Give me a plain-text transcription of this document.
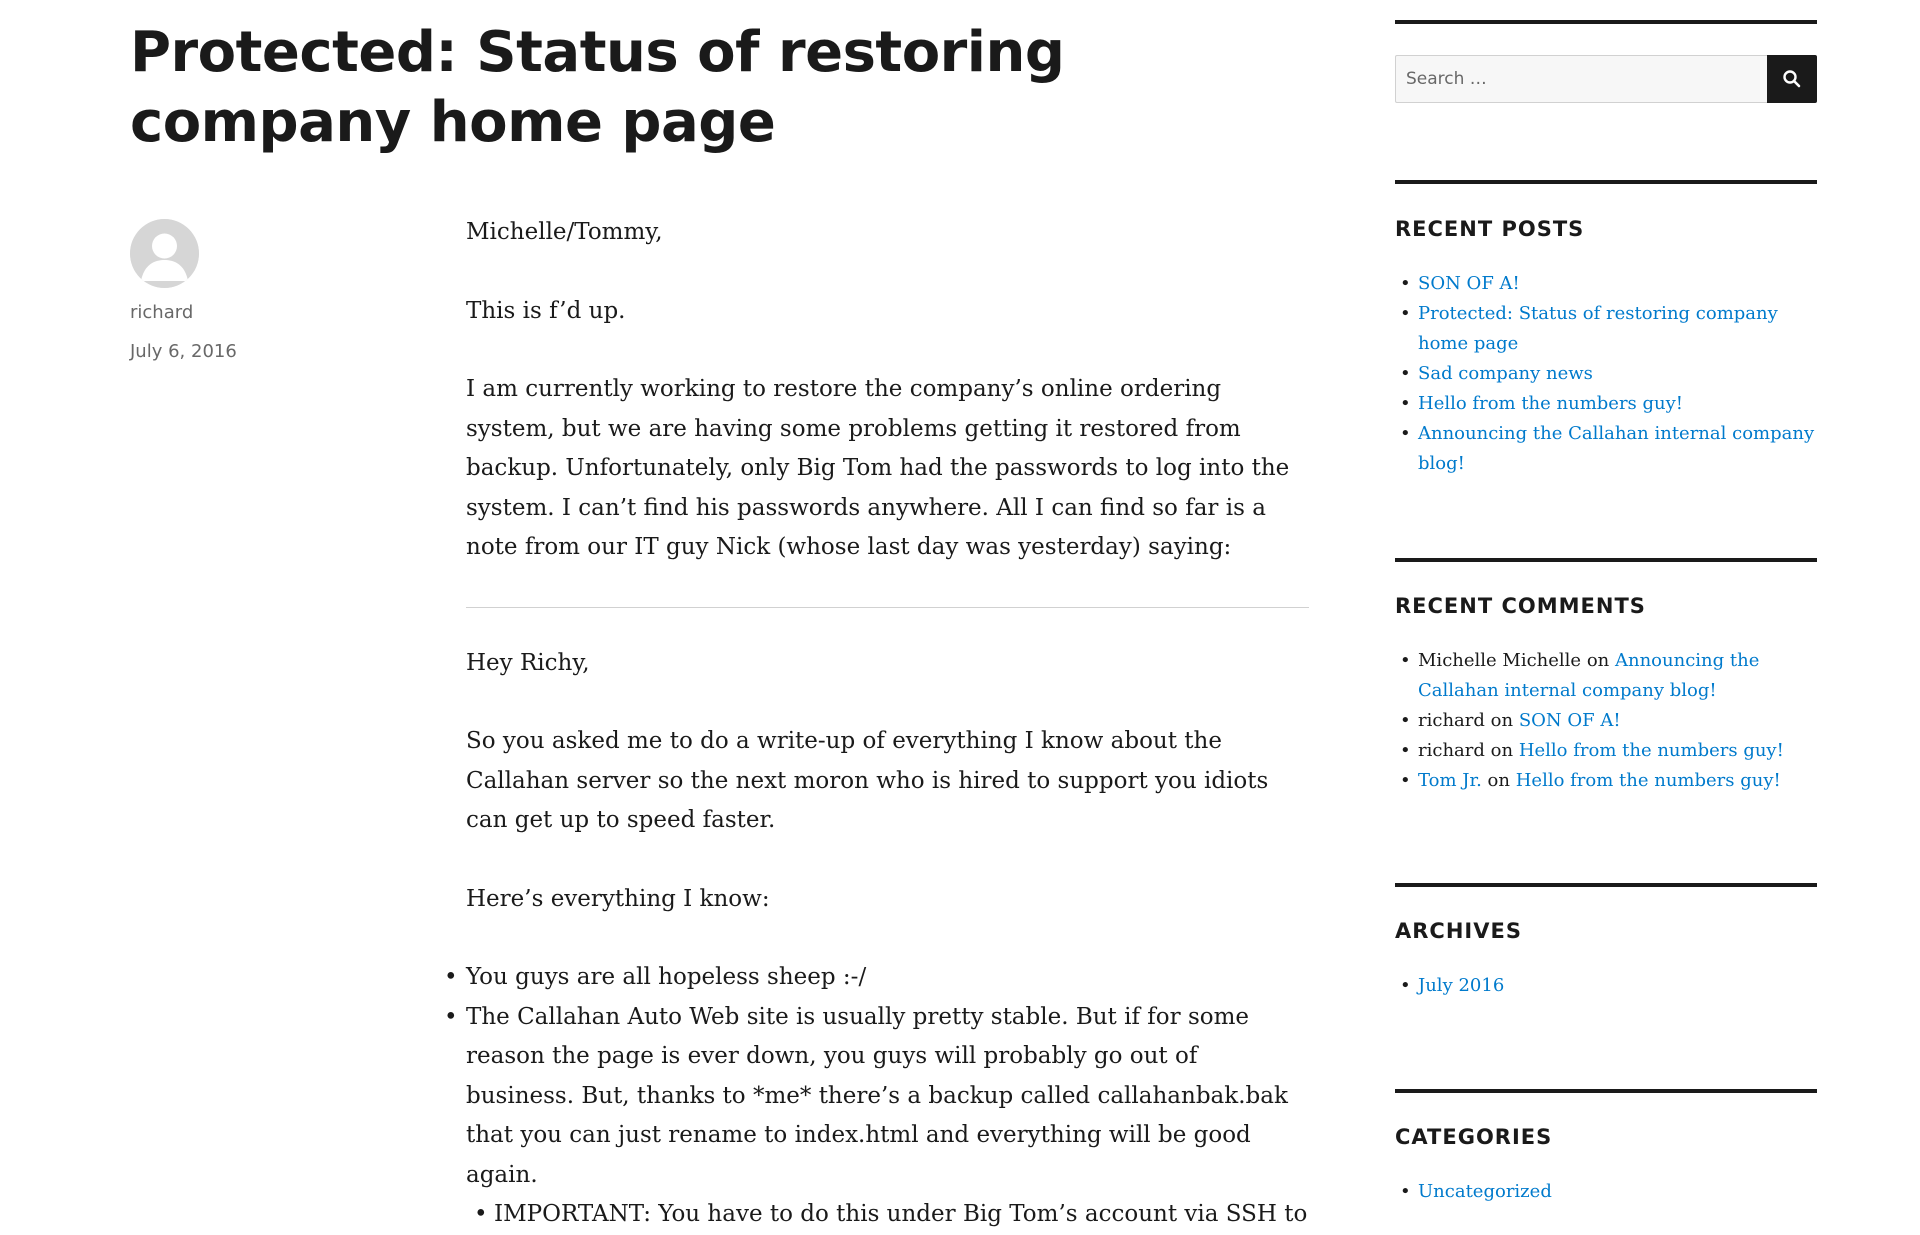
Protected: Status of restoring company home page
richard
July 6, 2016

Michelle/Tommy,

This is f’d up.

I am currently working to restore the company’s online ordering system, but we are having some problems getting it restored from backup. Unfortunately, only Big Tom had the passwords to log into the system. I can’t find his passwords anywhere. All I can find so far is a note from our IT guy Nick (whose last day was yesterday) saying:

Hey Richy,

So you asked me to do a write-up of everything I know about the Callahan server so the next moron who is hired to support you idiots can get up to speed faster.

Here’s everything I know:

• You guys are all hopeless sheep :-/
• The Callahan Auto Web site is usually pretty stable. But if for some reason the page is ever down, you guys will probably go out of business. But, thanks to *me* there’s a backup called callahanbak.bak that you can just rename to index.html and everything will be good again.
• IMPORTANT: You have to do this under Big Tom’s account via SSH to
Search …
RECENT POSTS
• SON OF A!
• Protected: Status of restoring company home page
• Sad company news
• Hello from the numbers guy!
• Announcing the Callahan internal company blog!
RECENT COMMENTS
• Michelle Michelle on Announcing the Callahan internal company blog!
• richard on SON OF A!
• richard on Hello from the numbers guy!
• Tom Jr. on Hello from the numbers guy!
ARCHIVES
• July 2016
CATEGORIES
• Uncategorized
